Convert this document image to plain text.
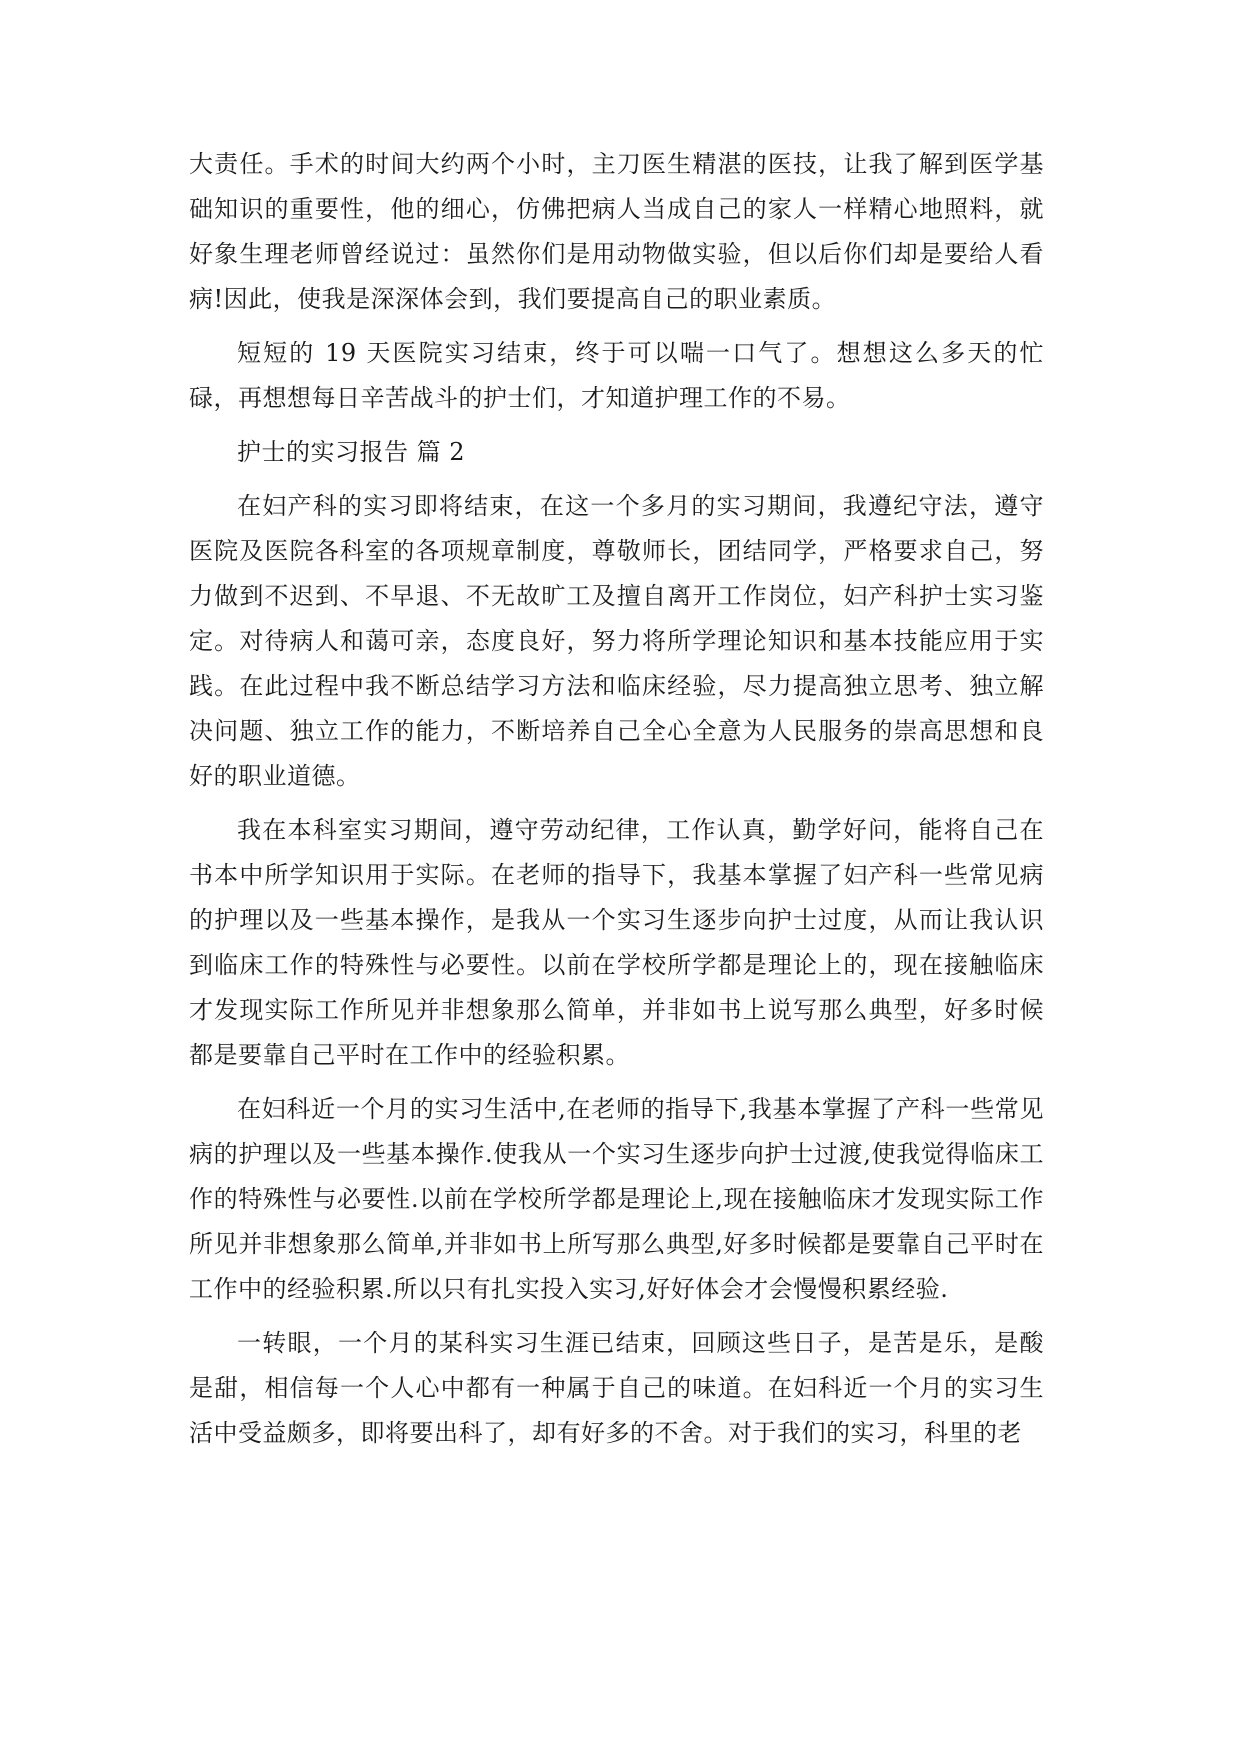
大责任。手术的时间大约两个小时，主刀医生精湛的医技，让我了解到医学基础知识的重要性，他的细心，仿佛把病人当成自己的家人一样精心地照料，就好象生理老师曾经说过：虽然你们是用动物做实验，但以后你们却是要给人看病!因此，使我是深深体会到，我们要提高自己的职业素质。

短短的 19 天医院实习结束，终于可以喘一口气了。想想这么多天的忙碌，再想想每日辛苦战斗的护士们，才知道护理工作的不易。

护士的实习报告 篇 2

在妇产科的实习即将结束，在这一个多月的实习期间，我遵纪守法，遵守医院及医院各科室的各项规章制度，尊敬师长，团结同学，严格要求自己，努力做到不迟到、不早退、不无故旷工及擅自离开工作岗位，妇产科护士实习鉴定。对待病人和蔼可亲，态度良好，努力将所学理论知识和基本技能应用于实践。在此过程中我不断总结学习方法和临床经验，尽力提高独立思考、独立解决问题、独立工作的能力，不断培养自己全心全意为人民服务的崇高思想和良好的职业道德。

我在本科室实习期间，遵守劳动纪律，工作认真，勤学好问，能将自己在书本中所学知识用于实际。在老师的指导下，我基本掌握了妇产科一些常见病的护理以及一些基本操作，是我从一个实习生逐步向护士过度，从而让我认识到临床工作的特殊性与必要性。以前在学校所学都是理论上的，现在接触临床才发现实际工作所见并非想象那么简单，并非如书上说写那么典型，好多时候都是要靠自己平时在工作中的经验积累。

在妇科近一个月的实习生活中,在老师的指导下,我基本掌握了产科一些常见病的护理以及一些基本操作.使我从一个实习生逐步向护士过渡,使我觉得临床工作的特殊性与必要性.以前在学校所学都是理论上,现在接触临床才发现实际工作所见并非想象那么简单,并非如书上所写那么典型,好多时候都是要靠自己平时在工作中的经验积累.所以只有扎实投入实习,好好体会才会慢慢积累经验.

一转眼，一个月的某科实习生涯已结束，回顾这些日子，是苦是乐，是酸是甜，相信每一个人心中都有一种属于自己的味道。在妇科近一个月的实习生活中受益颇多，即将要出科了，却有好多的不舍。对于我们的实习，科里的老
